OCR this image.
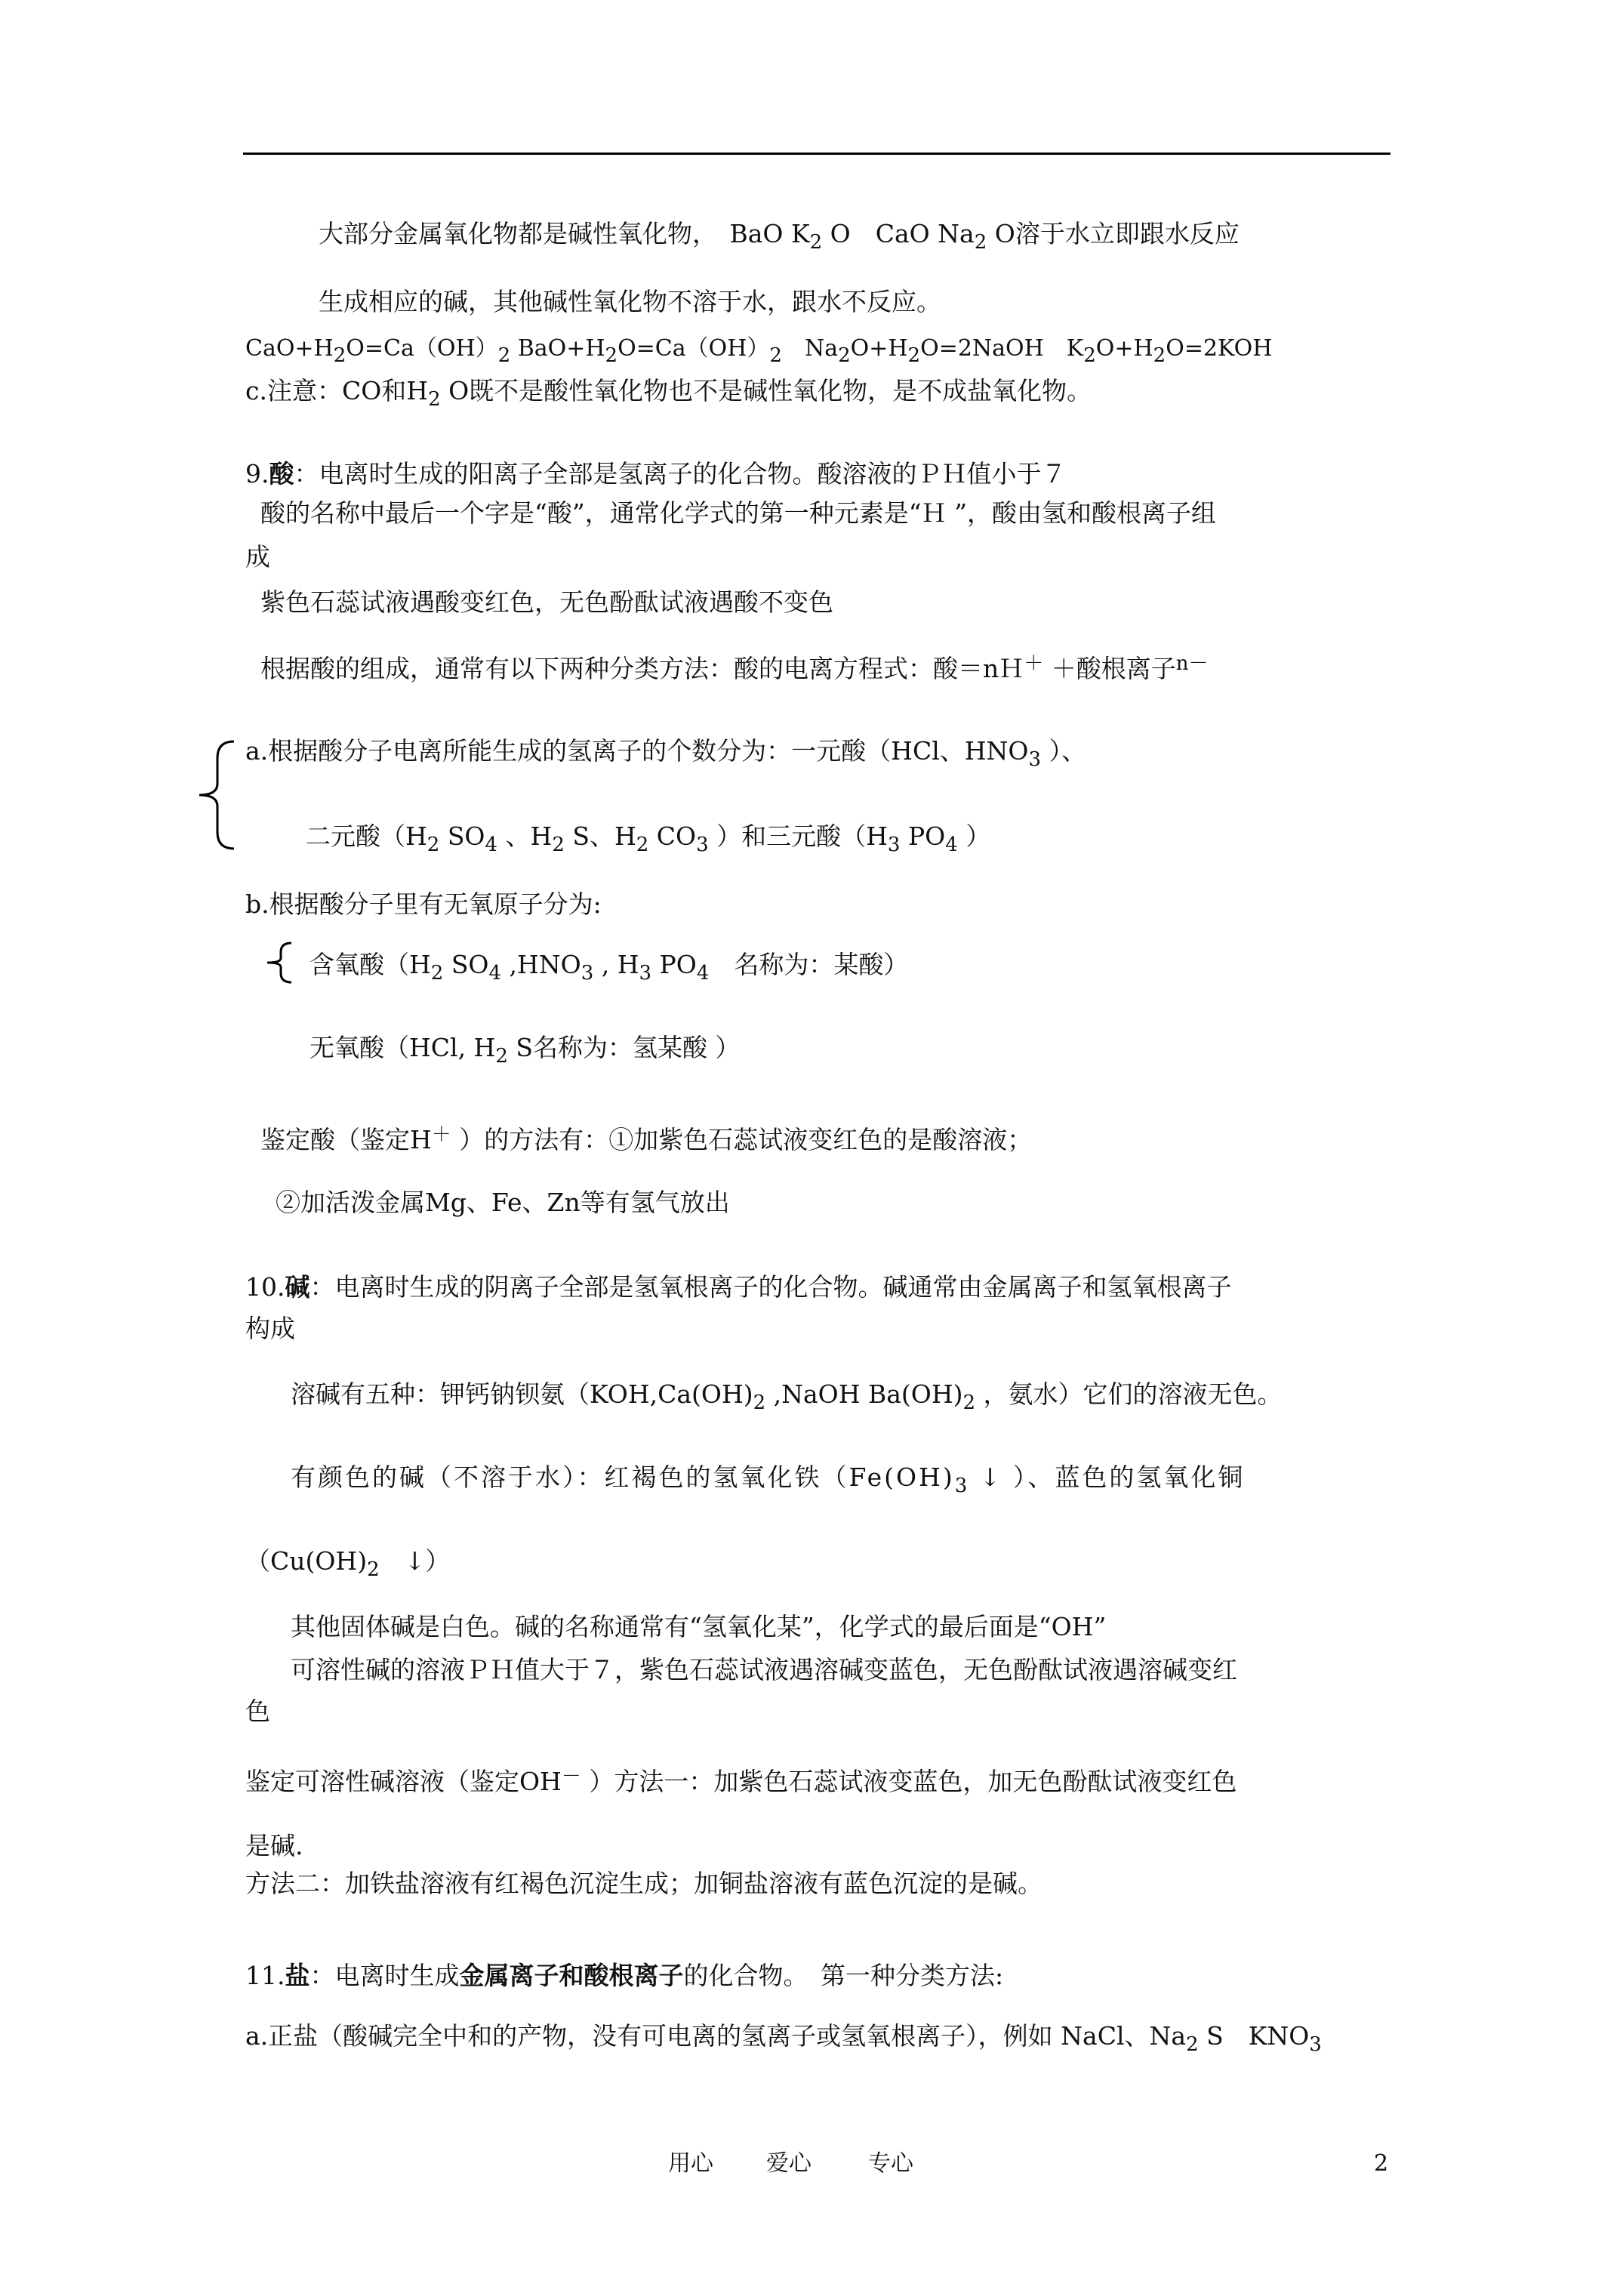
大部分金属氧化物都是碱性氧化物，　BaO $K_2$ O　CaO $Na_2$ O溶于水立即跟水反应
生成相应的碱，其他碱性氧化物不溶于水，跟水不反应。
$CaO+H_2O=Ca(OH)_2$ $BaO+H_2O=Ca(OH)_2$　$Na_2O+H_2O=2NaOH$　$K_2O+H_2O=2KOH$
c.注意：CO和$H_2$ O既不是酸性氧化物也不是碱性氧化物，是不成盐氧化物。
9.酸：电离时生成的阳离子全部是氢离子的化合物。酸溶液的ＰＨ值小于７
酸的名称中最后一个字是“酸”，通常化学式的第一种元素是“Ｈ ”，酸由氢和酸根离子组
成
紫色石蕊试液遇酸变红色，无色酚酞试液遇酸不变色
根据酸的组成，通常有以下两种分类方法：酸的电离方程式：酸＝nＨ＋ ＋酸根离子$^{n-}$
a.根据酸分子电离所能生成的氢离子的个数分为：一元酸（HCl、$HNO_3$ ）、
二元酸（$H_2$ $SO_4$ 、$H_2$ S、$H_2$ $CO_3$ ）和三元酸（$H_3$ $PO_4$ ）
b.根据酸分子里有无氧原子分为:
含氧酸（$H_2$ $SO_4$ $,HNO_3$ , $H_3$ $PO_4$　名称为：某酸）
无氧酸（HCl, $H_2$ S名称为：氢某酸 ）
鉴定酸（鉴定H＋ ）的方法有：①加紫色石蕊试液变红色的是酸溶液；
②加活泼金属Mg、Fe、Zn等有氢气放出
10.碱：电离时生成的阴离子全部是氢氧根离子的化合物。碱通常由金属离子和氢氧根离子
构成
溶碱有五种：钾钙钠钡氨（$KOH,Ca(OH)_2$ ,NaOH $Ba(OH)_2$ ，氨水）它们的溶液无色。
有颜色的碱（不溶于水）：红褐色的氢氧化铁（$Fe(OH)_3$ ↓ ）、蓝色的氢氧化铜
（$Cu(OH)_2$　↓）
其他固体碱是白色。碱的名称通常有“氢氧化某”，化学式的最后面是“OH”
可溶性碱的溶液ＰＨ值大于７，紫色石蕊试液遇溶碱变蓝色，无色酚酞试液遇溶碱变红
色
鉴定可溶性碱溶液（鉴定OH－ ）方法一：加紫色石蕊试液变蓝色，加无色酚酞试液变红色
是碱.
方法二：加铁盐溶液有红褐色沉淀生成；加铜盐溶液有蓝色沉淀的是碱。
11.盐：电离时生成金属离子和酸根离子的化合物。　第一种分类方法:
a.正盐（酸碱完全中和的产物，没有可电离的氢离子或氢氧根离子），例如 NaCl、$Na_2$ S　$KNO_3$
用心 爱心	专心	2
